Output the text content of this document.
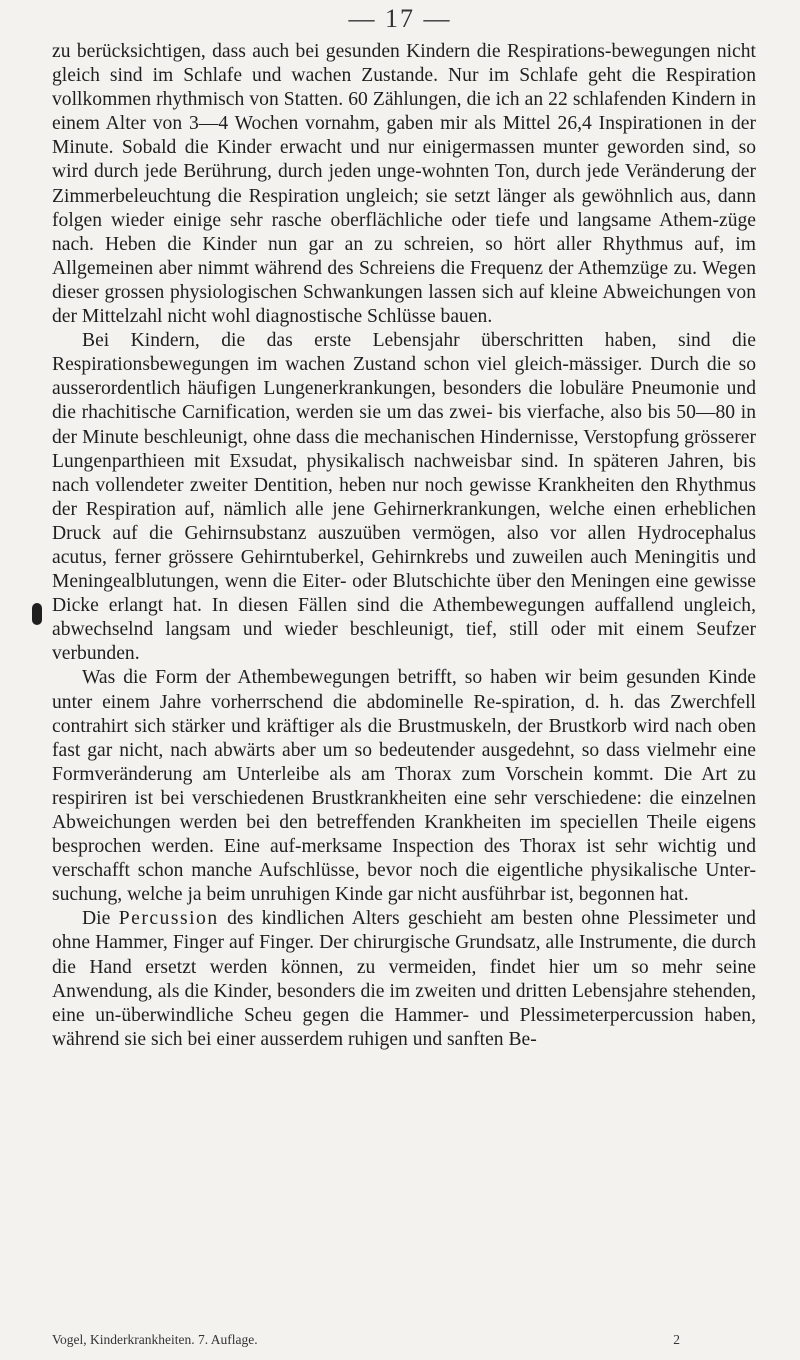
— 17 —

zu berücksichtigen, dass auch bei gesunden Kindern die Respirations-bewegungen nicht gleich sind im Schlafe und wachen Zustande. Nur im Schlafe geht die Respiration vollkommen rhythmisch von Statten. 60 Zählungen, die ich an 22 schlafenden Kindern in einem Alter von 3—4 Wochen vornahm, gaben mir als Mittel 26,4 Inspirationen in der Minute. Sobald die Kinder erwacht und nur einigermassen munter geworden sind, so wird durch jede Berührung, durch jeden unge-wohnten Ton, durch jede Veränderung der Zimmerbeleuchtung die Respiration ungleich; sie setzt länger als gewöhnlich aus, dann folgen wieder einige sehr rasche oberflächliche oder tiefe und langsame Athem-züge nach. Heben die Kinder nun gar an zu schreien, so hört aller Rhythmus auf, im Allgemeinen aber nimmt während des Schreiens die Frequenz der Athemzüge zu. Wegen dieser grossen physiologischen Schwankungen lassen sich auf kleine Abweichungen von der Mittelzahl nicht wohl diagnostische Schlüsse bauen.

Bei Kindern, die das erste Lebensjahr überschritten haben, sind die Respirationsbewegungen im wachen Zustand schon viel gleich-mässiger. Durch die so ausserordentlich häufigen Lungenerkrankungen, besonders die lobuläre Pneumonie und die rhachitische Carnification, werden sie um das zwei- bis vierfache, also bis 50—80 in der Minute beschleunigt, ohne dass die mechanischen Hindernisse, Verstopfung grösserer Lungenparthieen mit Exsudat, physikalisch nachweisbar sind. In späteren Jahren, bis nach vollendeter zweiter Dentition, heben nur noch gewisse Krankheiten den Rhythmus der Respiration auf, nämlich alle jene Gehirnerkrankungen, welche einen erheblichen Druck auf die Gehirnsubstanz auszuüben vermögen, also vor allen Hydrocephalus acutus, ferner grössere Gehirntuberkel, Gehirnkrebs und zuweilen auch Meningitis und Meningealblutungen, wenn die Eiter- oder Blutschichte über den Meningen eine gewisse Dicke erlangt hat. In diesen Fällen sind die Athembewegungen auffallend ungleich, abwechselnd langsam und wieder beschleunigt, tief, still oder mit einem Seufzer verbunden.

Was die Form der Athembewegungen betrifft, so haben wir beim gesunden Kinde unter einem Jahre vorherrschend die abdominelle Re-spiration, d. h. das Zwerchfell contrahirt sich stärker und kräftiger als die Brustmuskeln, der Brustkorb wird nach oben fast gar nicht, nach abwärts aber um so bedeutender ausgedehnt, so dass vielmehr eine Formveränderung am Unterleibe als am Thorax zum Vorschein kommt. Die Art zu respiriren ist bei verschiedenen Brustkrankheiten eine sehr verschiedene: die einzelnen Abweichungen werden bei den betreffenden Krankheiten im speciellen Theile eigens besprochen werden. Eine auf-merksame Inspection des Thorax ist sehr wichtig und verschafft schon manche Aufschlüsse, bevor noch die eigentliche physikalische Unter-suchung, welche ja beim unruhigen Kinde gar nicht ausführbar ist, begonnen hat.

Die Percussion des kindlichen Alters geschieht am besten ohne Plessimeter und ohne Hammer, Finger auf Finger. Der chirurgische Grundsatz, alle Instrumente, die durch die Hand ersetzt werden können, zu vermeiden, findet hier um so mehr seine Anwendung, als die Kinder, besonders die im zweiten und dritten Lebensjahre stehenden, eine un-überwindliche Scheu gegen die Hammer- und Plessimeterpercussion haben, während sie sich bei einer ausserdem ruhigen und sanften Be-

Vogel, Kinderkrankheiten. 7. Auflage.	2
